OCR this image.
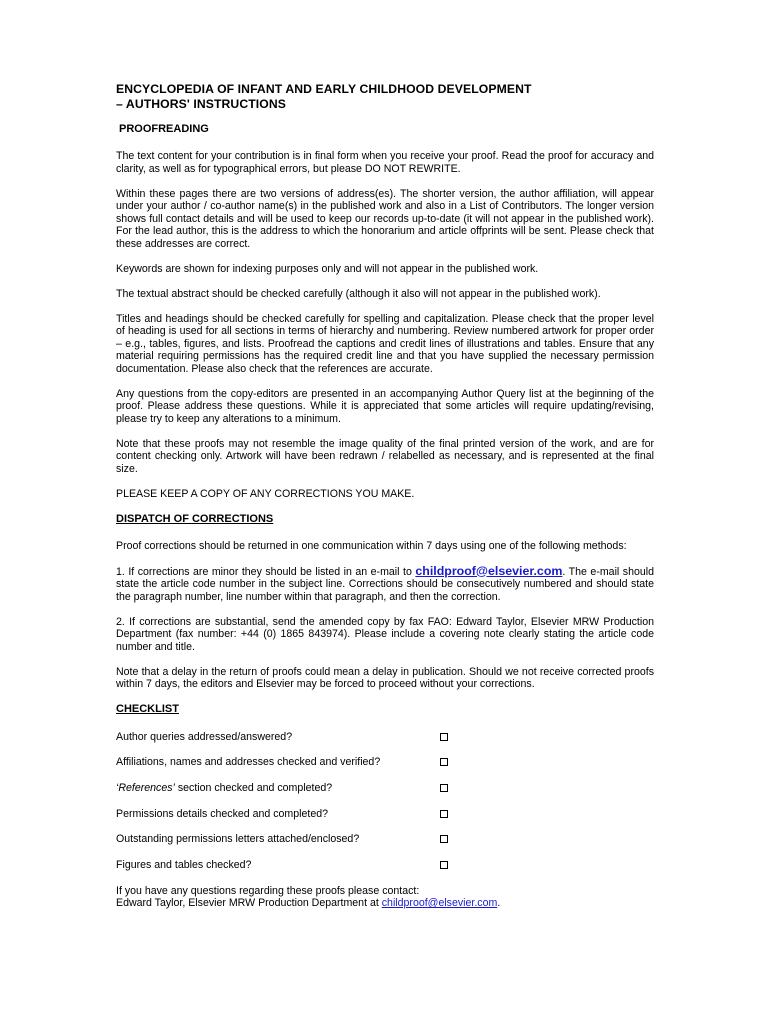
ENCYCLOPEDIA OF INFANT AND EARLY CHILDHOOD DEVELOPMENT
– AUTHORS' INSTRUCTIONS
PROOFREADING

The text content for your contribution is in final form when you receive your proof. Read the proof for accuracy and clarity, as well as for typographical errors, but please DO NOT REWRITE.

Within these pages there are two versions of address(es). The shorter version, the author affiliation, will appear under your author / co-author name(s) in the published work and also in a List of Contributors. The longer version shows full contact details and will be used to keep our records up-to-date (it will not appear in the published work). For the lead author, this is the address to which the honorarium and article offprints will be sent. Please check that these addresses are correct.

Keywords are shown for indexing purposes only and will not appear in the published work.

The textual abstract should be checked carefully (although it also will not appear in the published work).

Titles and headings should be checked carefully for spelling and capitalization. Please check that the proper level of heading is used for all sections in terms of hierarchy and numbering. Review numbered artwork for proper order – e.g., tables, figures, and lists. Proofread the captions and credit lines of illustrations and tables. Ensure that any material requiring permissions has the required credit line and that you have supplied the necessary permission documentation. Please also check that the references are accurate.

Any questions from the copy-editors are presented in an accompanying Author Query list at the beginning of the proof. Please address these questions. While it is appreciated that some articles will require updating/revising, please try to keep any alterations to a minimum.

Note that these proofs may not resemble the image quality of the final printed version of the work, and are for content checking only. Artwork will have been redrawn / relabelled as necessary, and is represented at the final size.

PLEASE KEEP A COPY OF ANY CORRECTIONS YOU MAKE.

DISPATCH OF CORRECTIONS

Proof corrections should be returned in one communication within 7 days using one of the following methods:

1. If corrections are minor they should be listed in an e-mail to childproof@elsevier.com. The e-mail should state the article code number in the subject line. Corrections should be consecutively numbered and should state the paragraph number, line number within that paragraph, and then the correction.

2. If corrections are substantial, send the amended copy by fax FAO: Edward Taylor, Elsevier MRW Production Department (fax number: +44 (0) 1865 843974). Please include a covering note clearly stating the article code number and title.

Note that a delay in the return of proofs could mean a delay in publication. Should we not receive corrected proofs within 7 days, the editors and Elsevier may be forced to proceed without your corrections.

CHECKLIST
Author queries addressed/answered?
Affiliations, names and addresses checked and verified?
‘References’ section checked and completed?
Permissions details checked and completed?
Outstanding permissions letters attached/enclosed?
Figures and tables checked?

If you have any questions regarding these proofs please contact:

Edward Taylor, Elsevier MRW Production Department at childproof@elsevier.com.
